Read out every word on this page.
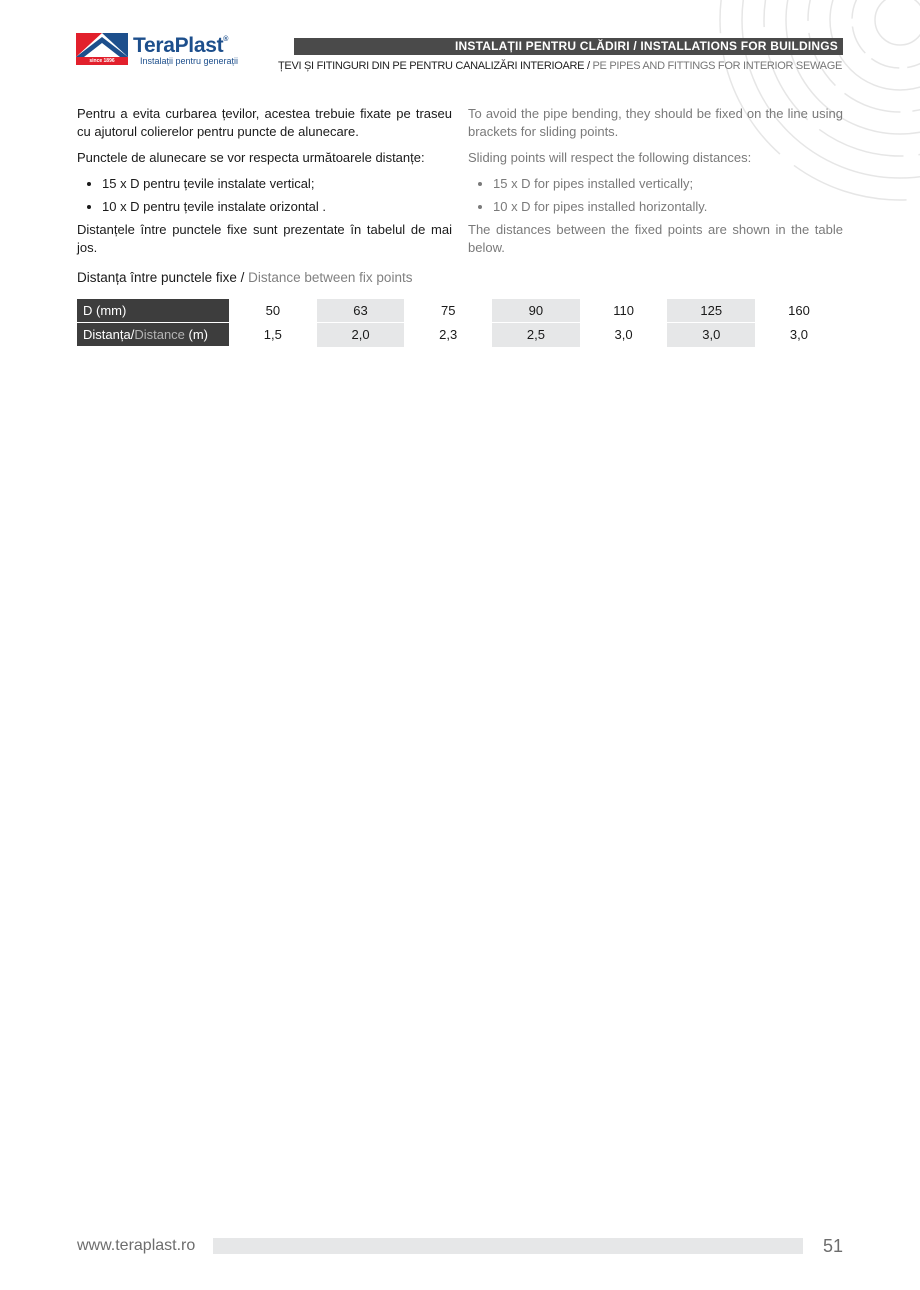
since 1896
TeraPlast®
Instalații pentru generații
INSTALAȚII PENTRU CLĂDIRI / INSTALLATIONS FOR BUILDINGS
ȚEVI ȘI FITINGURI DIN PE PENTRU CANALIZĂRI INTERIOARE / PE PIPES AND FITTINGS FOR INTERIOR SEWAGE

Pentru a evita curbarea țevilor, acestea trebuie fixate pe traseu cu ajutorul colierelor pentru puncte de alunecare.

Punctele de alunecare se vor respecta următoarele distanțe:

• 15 x D pentru țevile instalate vertical;
• 10 x D pentru țevile instalate orizontal .

Distanțele între punctele fixe sunt prezentate în tabelul de mai jos.

To avoid the pipe bending, they should be fixed on the line using brackets for sliding points.

Sliding points will respect the following distances:

• 15 x D for pipes installed vertically;
• 10 x D for pipes installed horizontally.

The distances between the fixed points are shown in the table below.

Distanța între punctele fixe / Distance between fix points
D (mm)	50	63	75	90	110	125	160
Distanța/Distance (m)	1,5	2,0	2,3	2,5	3,0	3,0	3,0
www.teraplast.ro	51
